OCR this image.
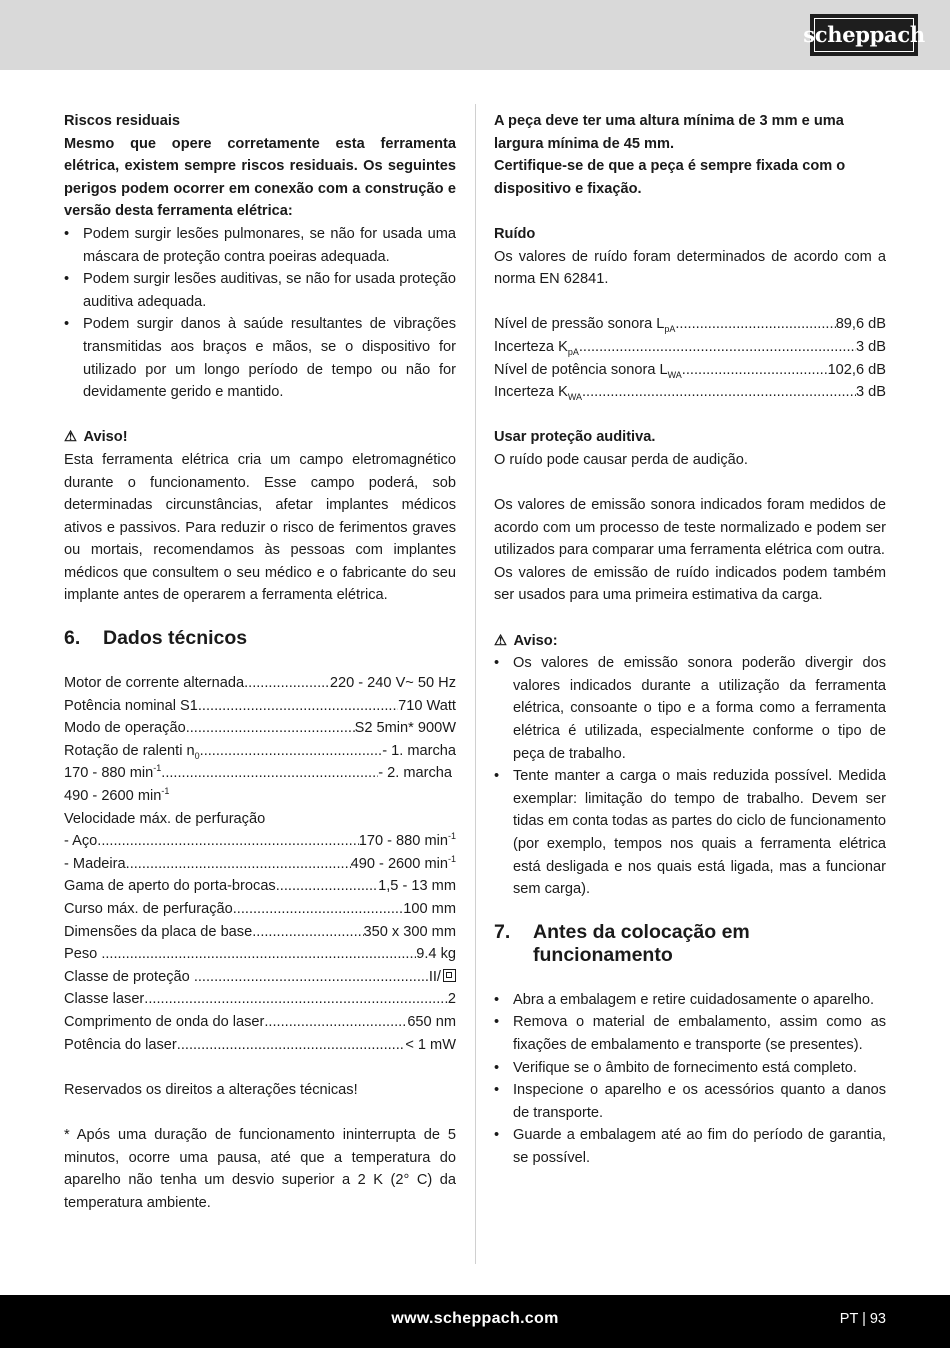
scheppach

Riscos residuais

Mesmo que opere corretamente esta ferramenta elétrica, existem sempre riscos residuais. Os seguintes perigos podem ocorrer em conexão com a construção e versão desta ferramenta elétrica:

• Podem surgir lesões pulmonares, se não for usada uma máscara de proteção contra poeiras adequada.
• Podem surgir lesões auditivas, se não for usada proteção auditiva adequada.
• Podem surgir danos à saúde resultantes de vibrações transmitidas aos braços e mãos, se o dispositivo for utilizado por um longo período de tempo ou não for devidamente gerido e mantido.

⚠ Aviso!

Esta ferramenta elétrica cria um campo eletromagnético durante o funcionamento. Esse campo poderá, sob determinadas circunstâncias, afetar implantes médicos ativos e passivos. Para reduzir o risco de ferimentos graves ou mortais, recomendamos às pessoas com implantes médicos que consultem o seu médico e o fabricante do seu implante antes de operarem a ferramenta elétrica.

6.	Dados técnicos
Motor de corrente alternada .....	220 - 240 V~ 50 Hz
Potência nominal S1 .....	710 Watt
Modo de operação .....	S2 5min* 900W
Rotação de ralenti $n_0$ .....	- 1. marcha
170 - 880 $\min^{-1}$ .....	- 2. marcha
490 - 2600 $\min^{-1}$
Velocidade máx. de perfuração
- Aço .....	170 - 880 $\min^{-1}$
- Madeira .....	490 - 2600 $\min^{-1}$
Gama de aperto do porta-brocas .....	1,5 - 13 mm
Curso máx. de perfuração .....	100 mm
Dimensões da placa de base .....	350 x 300 mm
Peso .....	9.4 kg
Classe de proteção .....	II/
Classe laser .....	2
Comprimento de onda do laser .....	650 nm
Potência do laser .....	< 1 mW

Reservados os direitos a alterações técnicas!

* Após uma duração de funcionamento ininterrupta de 5 minutos, ocorre uma pausa, até que a temperatura do aparelho não tenha um desvio superior a 2 K (2° C) da temperatura ambiente.

A peça deve ter uma altura mínima de 3 mm e uma largura mínima de 45 mm.

Certifique-se de que a peça é sempre fixada com o dispositivo e fixação.

Ruído

Os valores de ruído foram determinados de acordo com a norma EN 62841.

Nível de pressão sonora $L_{pA}$ .....	89,6 dB
Incerteza $K_{pA}$ .....	3 dB
Nível de potência sonora $L_{WA}$ .....	102,6 dB
Incerteza $K_{WA}$ .....	3 dB

Usar proteção auditiva.

O ruído pode causar perda de audição.

Os valores de emissão sonora indicados foram medidos de acordo com um processo de teste normalizado e podem ser utilizados para comparar uma ferramenta elétrica com outra.

Os valores de emissão de ruído indicados podem também ser usados para uma primeira estimativa da carga.

⚠ Aviso:

• Os valores de emissão sonora poderão divergir dos valores indicados durante a utilização da ferramenta elétrica, consoante o tipo e a forma como a ferramenta elétrica é utilizada, especialmente conforme o tipo de peça de trabalho.
• Tente manter a carga o mais reduzida possível. Medida exemplar: limitação do tempo de trabalho. Devem ser tidas em conta todas as partes do ciclo de funcionamento (por exemplo, tempos nos quais a ferramenta elétrica está desligada e nos quais está ligada, mas a funcionar sem carga).
7.	Antes da colocação em funcionamento
• Abra a embalagem e retire cuidadosamente o aparelho.
• Remova o material de embalamento, assim como as fixações de embalamento e transporte (se presentes).
• Verifique se o âmbito de fornecimento está completo.
• Inspecione o aparelho e os acessórios quanto a danos de transporte.
• Guarde a embalagem até ao fim do período de garantia, se possível.
www.scheppach.com	PT | 93
